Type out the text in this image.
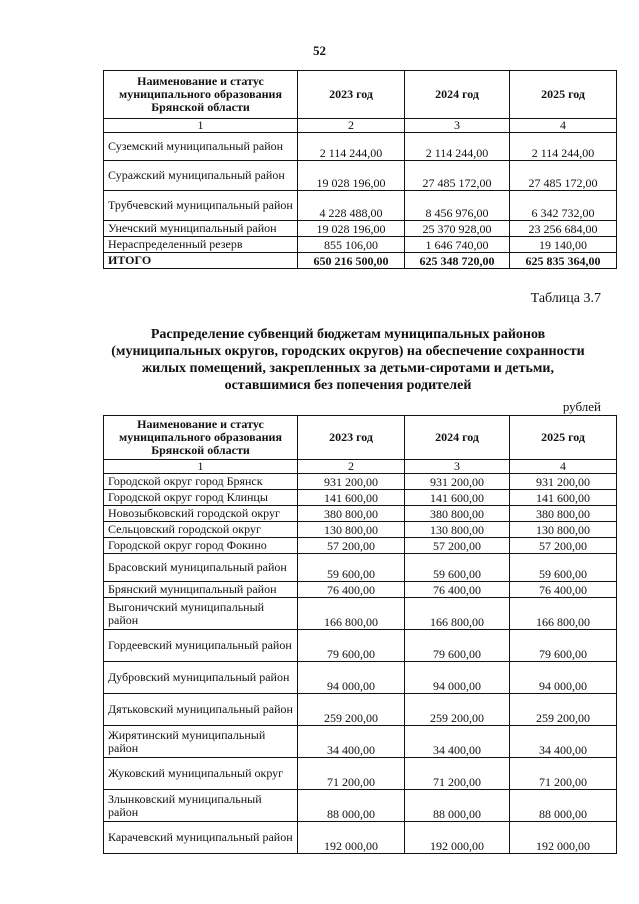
52
Наименование и статус муниципального образования Брянской области	2023 год	2024 год	2025 год
1	2	3	4
Суземский муниципальный район	2 114 244,00	2 114 244,00	2 114 244,00
Суражский муниципальный район	19 028 196,00	27 485 172,00	27 485 172,00
Трубчевский муниципальный район	4 228 488,00	8 456 976,00	6 342 732,00
Унечский муниципальный район	19 028 196,00	25 370 928,00	23 256 684,00
Нераспределенный резерв	855 106,00	1 646 740,00	19 140,00
ИТОГО	650 216 500,00	625 348 720,00	625 835 364,00
Таблица 3.7
Распределение субвенций бюджетам муниципальных районов (муниципальных округов, городских округов) на обеспечение сохранности жилых помещений, закрепленных за детьми-сиротами и детьми, оставшимися без попечения родителей
рублей
Наименование и статус муниципального образования Брянской области	2023 год	2024 год	2025 год
1	2	3	4
Городской округ город Брянск	931 200,00	931 200,00	931 200,00
Городской округ город Клинцы	141 600,00	141 600,00	141 600,00
Новозыбковский городской округ	380 800,00	380 800,00	380 800,00
Сельцовский городской округ	130 800,00	130 800,00	130 800,00
Городской округ город Фокино	57 200,00	57 200,00	57 200,00
Брасовский муниципальный район	59 600,00	59 600,00	59 600,00
Брянский муниципальный район	76 400,00	76 400,00	76 400,00
Выгоничский муниципальный район	166 800,00	166 800,00	166 800,00
Гордеевский муниципальный район	79 600,00	79 600,00	79 600,00
Дубровский муниципальный район	94 000,00	94 000,00	94 000,00
Дятьковский муниципальный район	259 200,00	259 200,00	259 200,00
Жирятинский муниципальный район	34 400,00	34 400,00	34 400,00
Жуковский муниципальный округ	71 200,00	71 200,00	71 200,00
Злынковский муниципальный район	88 000,00	88 000,00	88 000,00
Карачевский муниципальный район	192 000,00	192 000,00	192 000,00
